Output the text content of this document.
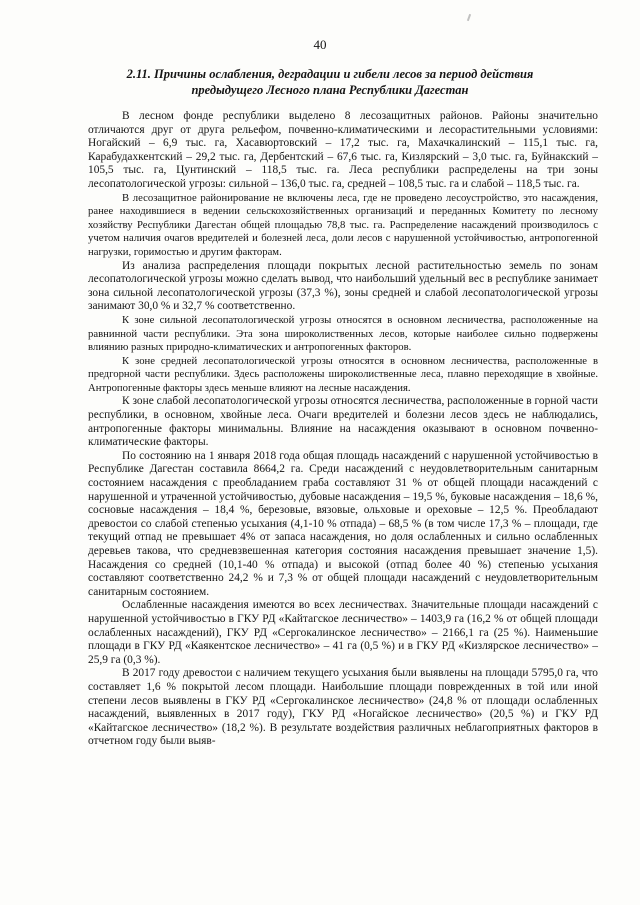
40
2.11. Причины ослабления, деградации и гибели лесов за период действия предыдущего Лесного плана Республики Дагестан

В лесном фонде республики выделено 8 лесозащитных районов. Районы значительно отличаются друг от друга рельефом, почвенно-климатическими и лесорастительными условиями: Ногайский – 6,9 тыс. га, Хасавюртовский – 17,2 тыс. га, Махачкалинский – 115,1 тыс. га, Карабудахкентский – 29,2 тыс. га, Дербентский – 67,6 тыс. га, Кизлярский – 3,0 тыс. га, Буйнакский – 105,5 тыс. га, Цунтинский – 118,5 тыс. га. Леса республики распределены на три зоны лесопатологической угрозы: сильной – 136,0 тыс. га, средней – 108,5 тыс. га и слабой – 118,5 тыс. га.

В лесозащитное районирование не включены леса, где не проведено лесоустройство, это насаждения, ранее находившиеся в ведении сельскохозяйственных организаций и переданных Комитету по лесному хозяйству Республики Дагестан общей площадью 78,8 тыс. га. Распределение насаждений производилось с учетом наличия очагов вредителей и болезней леса, доли лесов с нарушенной устойчивостью, антропогенной нагрузки, горимостью и другим факторам.

Из анализа распределения площади покрытых лесной растительностью земель по зонам лесопатологической угрозы можно сделать вывод, что наибольший удельный вес в республике занимает зона сильной лесопатологической угрозы (37,3 %), зоны средней и слабой лесопатологической угрозы занимают 30,0 % и 32,7 % соответственно.

К зоне сильной лесопатологической угрозы относятся в основном лесничества, расположенные на равнинной части республики. Эта зона широколиственных лесов, которые наиболее сильно подвержены влиянию разных природно-климатических и антропогенных факторов.

К зоне средней лесопатологической угрозы относятся в основном лесничества, расположенные в предгорной части республики. Здесь расположены широколиственные леса, плавно переходящие в хвойные. Антропогенные факторы здесь меньше влияют на лесные насаждения.

К зоне слабой лесопатологической угрозы относятся лесничества, расположенные в горной части республики, в основном, хвойные леса. Очаги вредителей и болезни лесов здесь не наблюдались, антропогенные факторы минимальны. Влияние на насаждения оказывают в основном почвенно-климатические факторы.

По состоянию на 1 января 2018 года общая площадь насаждений с нарушенной устойчивостью в Республике Дагестан составила 8664,2 га. Среди насаждений с неудовлетворительным санитарным состоянием насаждения с преобладанием граба составляют 31 % от общей площади насаждений с нарушенной и утраченной устойчивостью, дубовые насаждения – 19,5 %, буковые насаждения – 18,6 %, сосновые насаждения – 18,4 %, березовые, вязовые, ольховые и ореховые – 12,5 %. Преобладают древостои со слабой степенью усыхания (4,1-10 % отпада) – 68,5 % (в том числе 17,3 % – площади, где текущий отпад не превышает 4% от запаса насаждения, но доля ослабленных и сильно ослабленных деревьев такова, что средневзвешенная категория состояния насаждения превышает значение 1,5). Насаждения со средней (10,1-40 % отпада) и высокой (отпад более 40 %) степенью усыхания составляют соответственно 24,2 % и 7,3 % от общей площади насаждений с неудовлетворительным санитарным состоянием.

Ослабленные насаждения имеются во всех лесничествах. Значительные площади насаждений с нарушенной устойчивостью в ГКУ РД «Кайтагское лесничество» – 1403,9 га (16,2 % от общей площади ослабленных насаждений), ГКУ РД «Сергокалинское лесничество» – 2166,1 га (25 %). Наименьшие площади в ГКУ РД «Каякентское лесничество» – 41 га (0,5 %) и в ГКУ РД «Кизлярское лесничество» – 25,9 га (0,3 %).

В 2017 году древостои с наличием текущего усыхания были выявлены на площади 5795,0 га, что составляет 1,6 % покрытой лесом площади. Наибольшие площади поврежденных в той или иной степени лесов выявлены в ГКУ РД «Сергокалинское лесничество» (24,8 % от площади ослабленных насаждений, выявленных в 2017 году), ГКУ РД «Ногайское лесничество» (20,5 %) и ГКУ РД «Кайтагское лесничество» (18,2 %). В результате воздействия различных неблагоприятных факторов в отчетном году были выяв-
